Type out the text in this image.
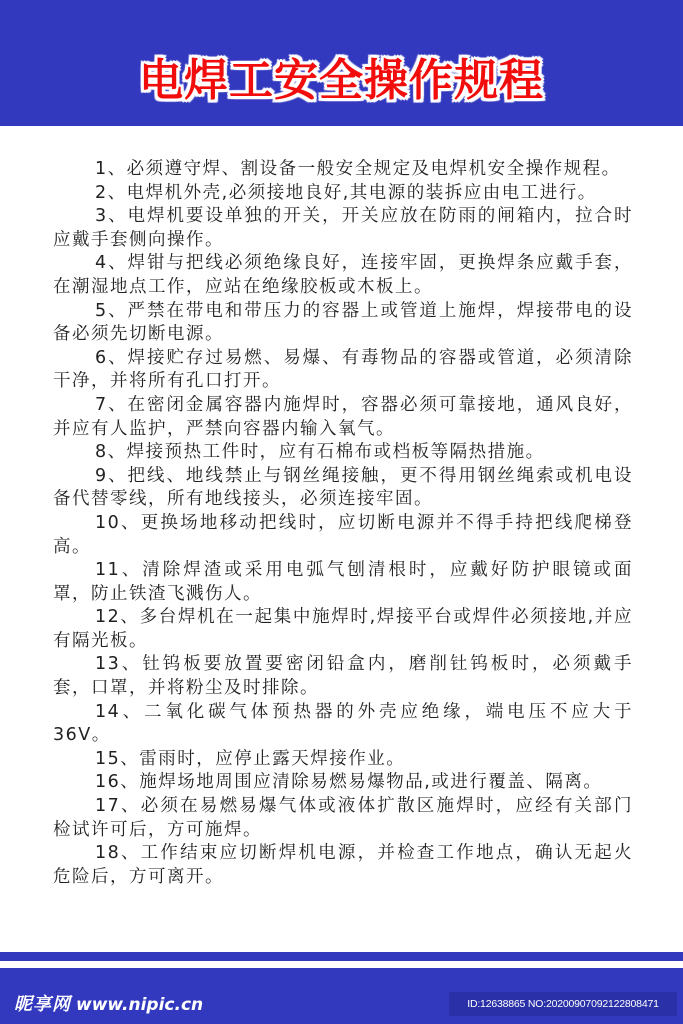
电焊工安全操作规程

1、必须遵守焊、割设备一般安全规定及电焊机安全操作规程。

2、电焊机外壳,必须接地良好,其电源的装拆应由电工进行。

3、电焊机要设单独的开关，开关应放在防雨的闸箱内，拉合时应戴手套侧向操作。

4、焊钳与把线必须绝缘良好，连接牢固，更换焊条应戴手套，在潮湿地点工作，应站在绝缘胶板或木板上。

5、严禁在带电和带压力的容器上或管道上施焊，焊接带电的设备必须先切断电源。

6、焊接贮存过易燃、易爆、有毒物品的容器或管道，必须清除干净，并将所有孔口打开。

7、在密闭金属容器内施焊时，容器必须可靠接地，通风良好，并应有人监护，严禁向容器内输入氧气。

8、焊接预热工件时，应有石棉布或档板等隔热措施。

9、把线、地线禁止与钢丝绳接触，更不得用钢丝绳索或机电设备代替零线，所有地线接头，必须连接牢固。

10、更换场地移动把线时，应切断电源并不得手持把线爬梯登高。

11、清除焊渣或采用电弧气刨清根时，应戴好防护眼镜或面罩，防止铁渣飞溅伤人。

12、多台焊机在一起集中施焊时,焊接平台或焊件必须接地,并应有隔光板。

13、钍钨板要放置要密闭铅盒内，磨削钍钨板时，必须戴手套，口罩，并将粉尘及时排除。

14、二氧化碳气体预热器的外壳应绝缘，端电压不应大于36V。

15、雷雨时，应停止露天焊接作业。

16、施焊场地周围应清除易燃易爆物品,或进行覆盖、隔离。

17、必须在易燃易爆气体或液体扩散区施焊时，应经有关部门检试许可后，方可施焊。

18、工作结束应切断焊机电源，并检查工作地点，确认无起火危险后，方可离开。

昵享网 www.nipic.cn	ID:12638865 NO:20200907092122808471
